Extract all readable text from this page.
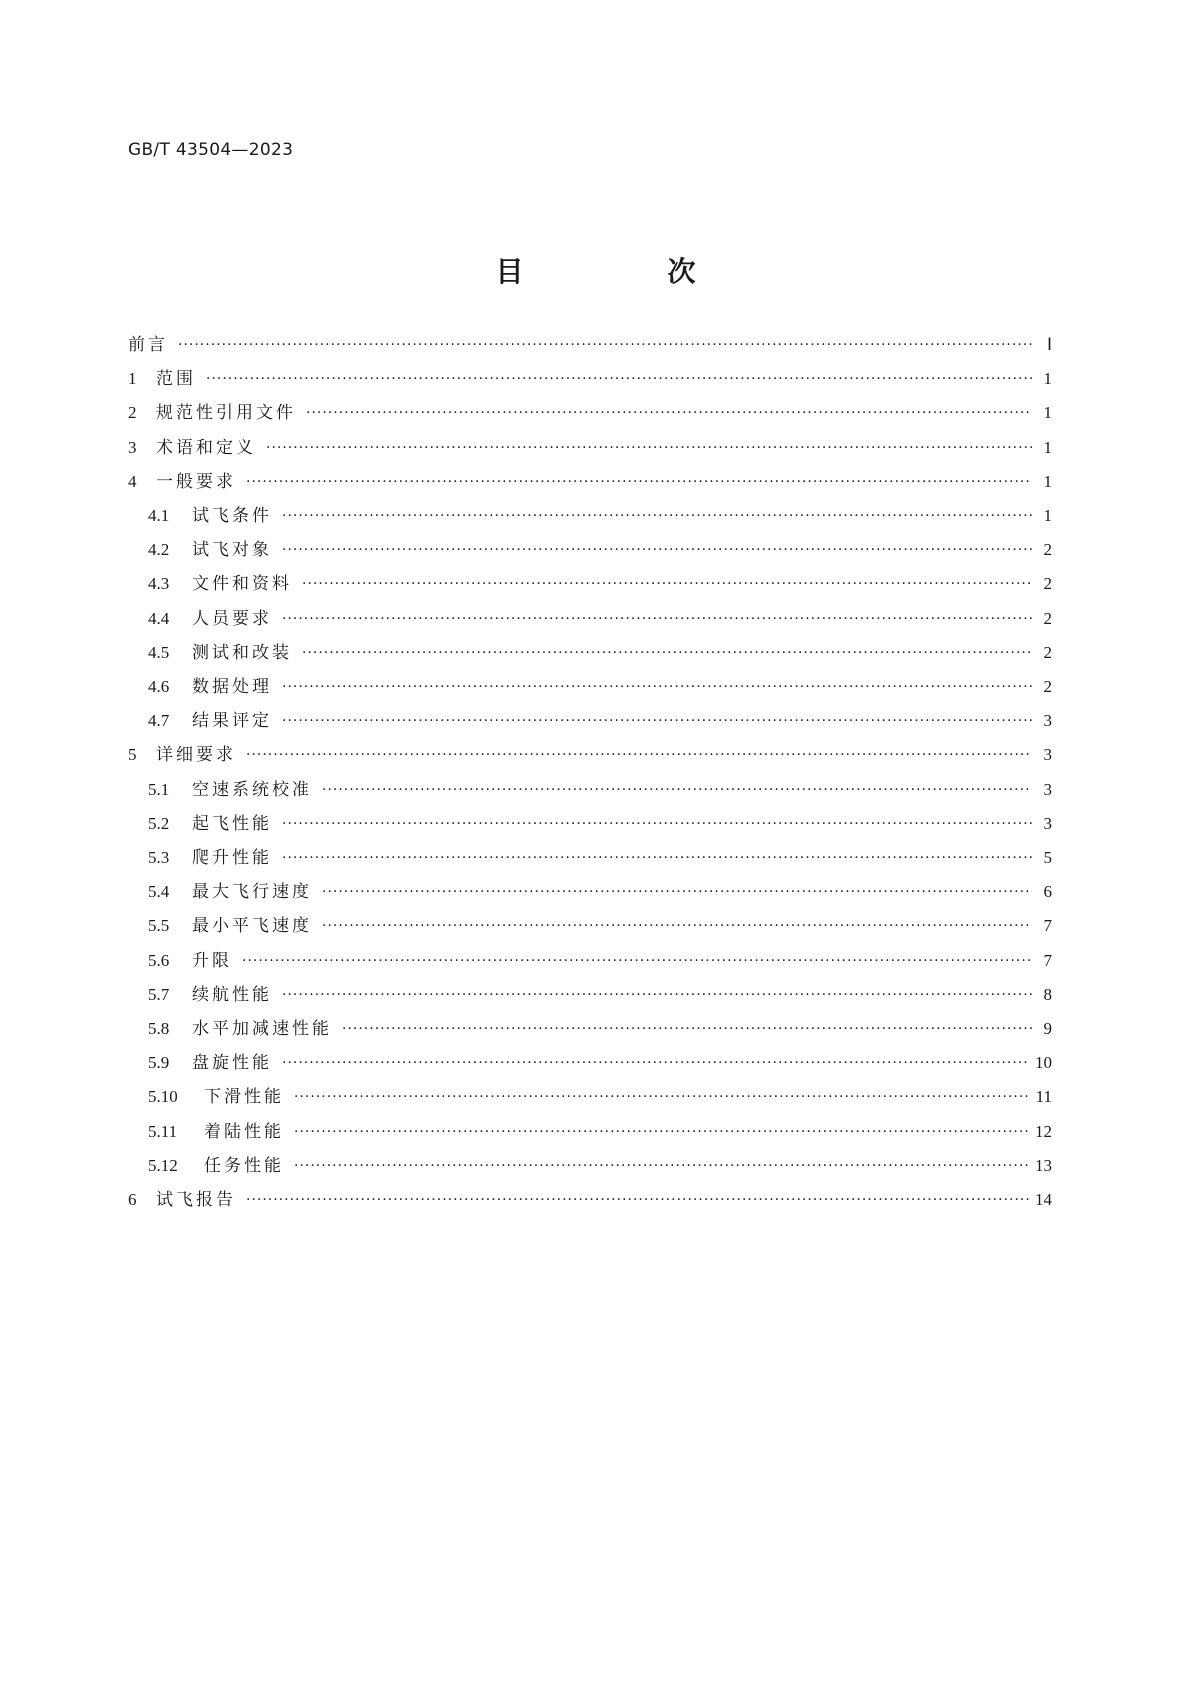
GB/T 43504—2023
目　次
前言 ·····	Ⅰ
1	范围 ·····	1
2	规范性引用文件 ·····	1
3	术语和定义 ·····	1
4	一般要求 ·····	1
4.1	试飞条件 ·····	1
4.2	试飞对象 ·····	2
4.3	文件和资料 ·····	2
4.4	人员要求 ·····	2
4.5	测试和改装 ·····	2
4.6	数据处理 ·····	2
4.7	结果评定 ·····	3
5	详细要求 ·····	3
5.1	空速系统校准 ·····	3
5.2	起飞性能 ·····	3
5.3	爬升性能 ·····	5
5.4	最大飞行速度 ·····	6
5.5	最小平飞速度 ·····	7
5.6	升限 ·····	7
5.7	续航性能 ·····	8
5.8	水平加减速性能 ·····	9
5.9	盘旋性能 ·····	10
5.10	下滑性能 ·····	11
5.11	着陆性能 ·····	12
5.12	任务性能 ·····	13
6	试飞报告 ·····	14
